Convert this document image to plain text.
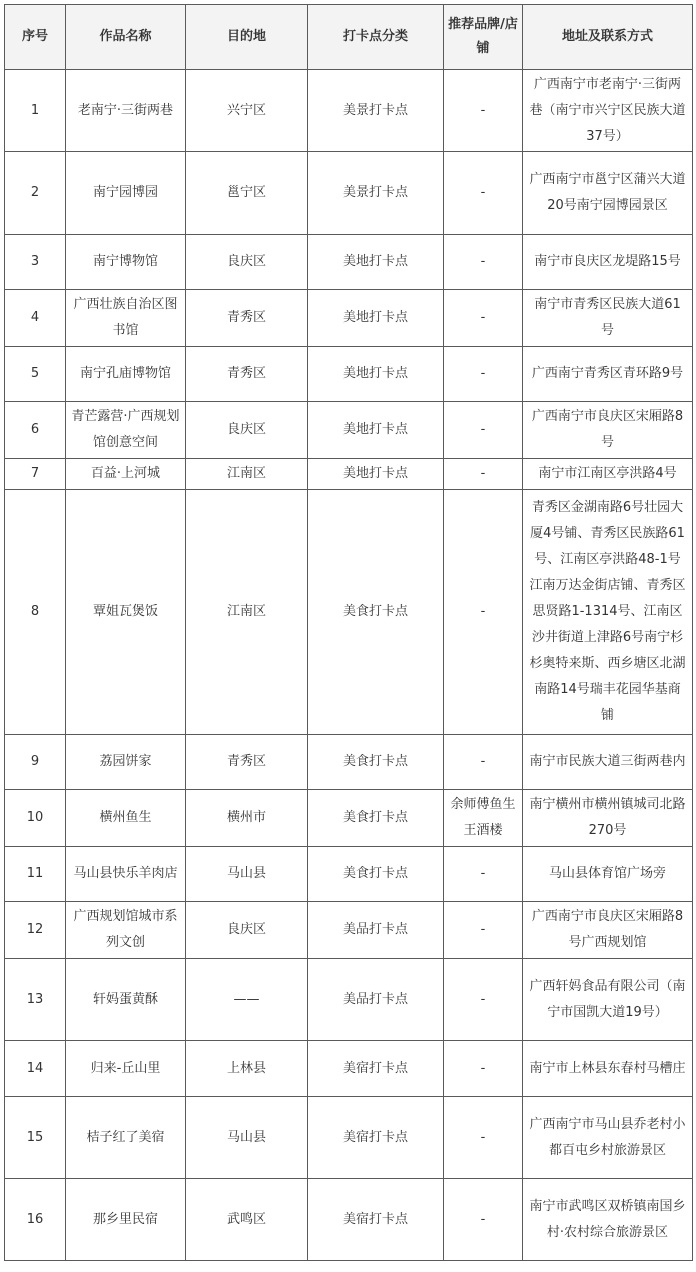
序号	作品名称	目的地	打卡点分类	推荐品牌/店铺	地址及联系方式
1	老南宁·三街两巷	兴宁区	美景打卡点	-	广西南宁市老南宁·三街两巷（南宁市兴宁区民族大道37号）
2	南宁园博园	邕宁区	美景打卡点	-	广西南宁市邕宁区蒲兴大道20号南宁园博园景区
3	南宁博物馆	良庆区	美地打卡点	-	南宁市良庆区龙堤路15号
4	广西壮族自治区图书馆	青秀区	美地打卡点	-	南宁市青秀区民族大道61号
5	南宁孔庙博物馆	青秀区	美地打卡点	-	广西南宁青秀区青环路9号
6	青芒露营·广西规划馆创意空间	良庆区	美地打卡点	-	广西南宁市良庆区宋厢路8号
7	百益·上河城	江南区	美地打卡点	-	南宁市江南区亭洪路4号
8	覃姐瓦煲饭	江南区	美食打卡点	-	青秀区金湖南路6号壮园大厦4号铺、青秀区民族路61号、江南区亭洪路48-1号江南万达金街店铺、青秀区思贤路1-1314号、江南区沙井街道上津路6号南宁杉杉奥特来斯、西乡塘区北湖南路14号瑞丰花园华基商铺
9	荔园饼家	青秀区	美食打卡点	-	南宁市民族大道三街两巷内
10	横州鱼生	横州市	美食打卡点	余师傅鱼生王酒楼	南宁横州市横州镇城司北路270号
11	马山县快乐羊肉店	马山县	美食打卡点	-	马山县体育馆广场旁
12	广西规划馆城市系列文创	良庆区	美品打卡点	-	广西南宁市良庆区宋厢路8号广西规划馆
13	轩妈蛋黄酥	——	美品打卡点	-	广西轩妈食品有限公司（南宁市国凯大道19号）
14	归来-丘山里	上林县	美宿打卡点	-	南宁市上林县东春村马槽庄
15	桔子红了美宿	马山县	美宿打卡点	-	广西南宁市马山县乔老村小都百屯乡村旅游景区
16	那乡里民宿	武鸣区	美宿打卡点	-	南宁市武鸣区双桥镇南国乡村·农村综合旅游景区
